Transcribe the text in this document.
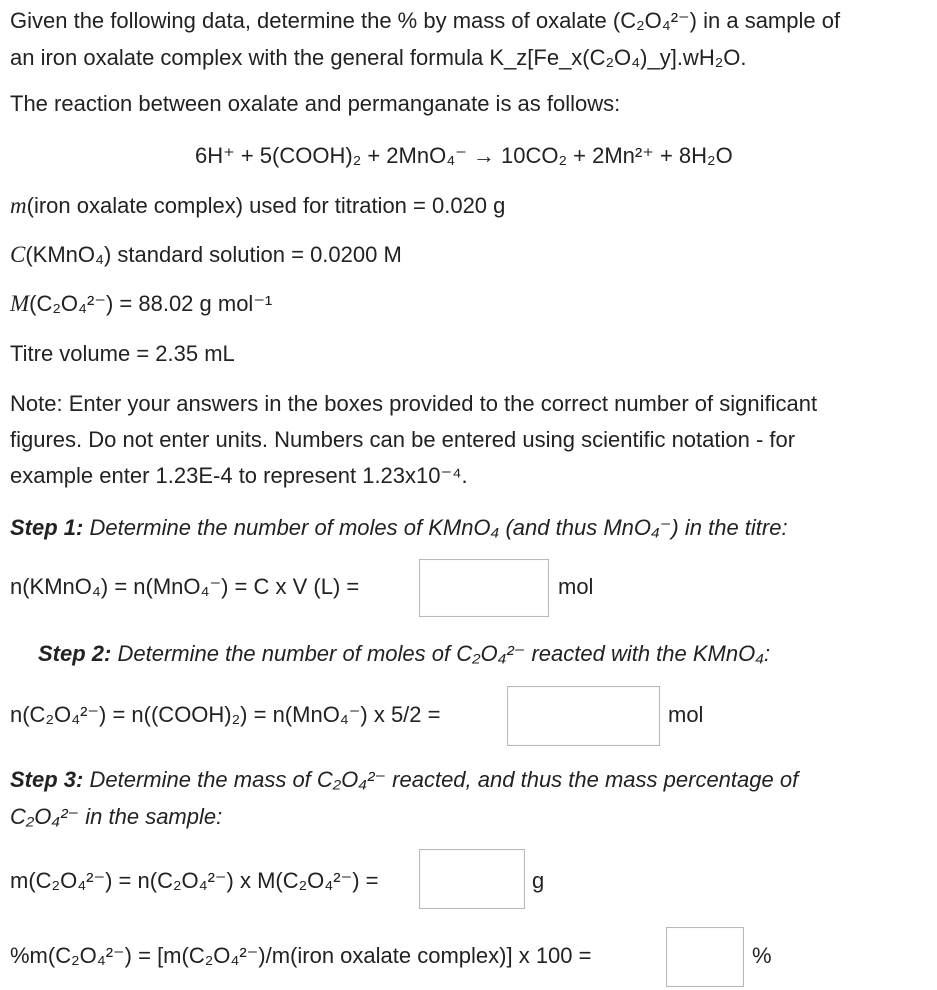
Given the following data, determine the % by mass of oxalate (C₂O₄²⁻) in a sample of
an iron oxalate complex with the general formula K_z[Fe_x(C₂O₄)_y].wH₂O.
The reaction between oxalate and permanganate is as follows:
6H⁺ + 5(COOH)₂ + 2MnO₄⁻ → 10CO₂ + 2Mn²⁺ + 8H₂O
m(iron oxalate complex) used for titration = 0.020 g
C(KMnO₄) standard solution = 0.0200 M
M(C₂O₄²⁻) = 88.02 g mol⁻¹
Titre volume = 2.35 mL
Note: Enter your answers in the boxes provided to the correct number of significant
figures. Do not enter units. Numbers can be entered using scientific notation - for
example enter 1.23E-4 to represent 1.23x10⁻⁴.
Step 1: Determine the number of moles of KMnO₄ (and thus MnO₄⁻) in the titre:
n(KMnO₄) = n(MnO₄⁻) = C x V (L) =	mol
Step 2: Determine the number of moles of C₂O₄²⁻ reacted with the KMnO₄:
n(C₂O₄²⁻) = n((COOH)₂) = n(MnO₄⁻) x 5/2 =	mol
Step 3: Determine the mass of C₂O₄²⁻ reacted, and thus the mass percentage of
C₂O₄²⁻ in the sample:
m(C₂O₄²⁻) = n(C₂O₄²⁻) x M(C₂O₄²⁻) =	g
%m(C₂O₄²⁻) = [m(C₂O₄²⁻)/m(iron oxalate complex)] x 100 =	%
